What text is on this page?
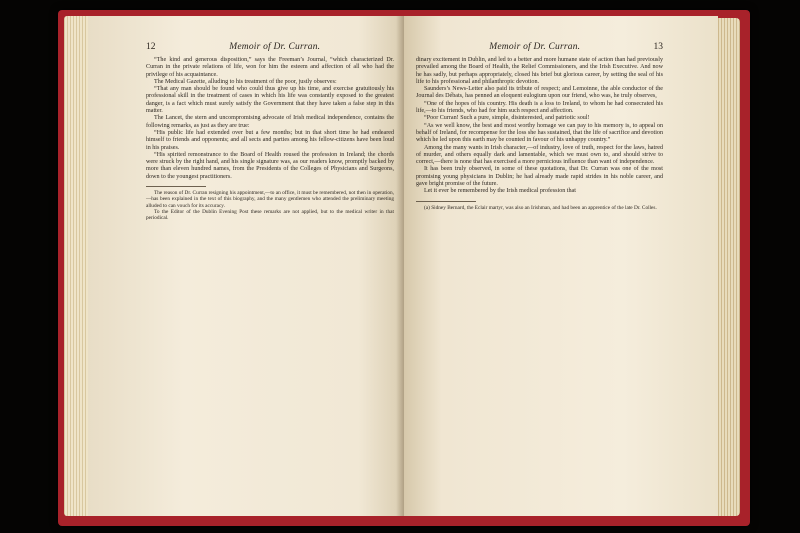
12	Memoir of Dr. Curran.

“The kind and generous disposition,” says the Freeman’s Journal, “which characterized Dr. Curran in the private relations of life, won for him the esteem and affection of all who had the privilege of his acquaintance.

The Medical Gazette, alluding to his treatment of the poor, justly observes:

“That any man should be found who could thus give up his time, and exercise gratuitously his professional skill in the treatment of cases in which his life was constantly exposed to the greatest danger, is a fact which must surely satisfy the Government that they have taken a false step in this matter.

The Lancet, the stern and uncompromising advocate of Irish medical independence, contains the following remarks, as just as they are true:

“His public life had extended over but a few months; but in that short time he had endeared himself to friends and opponents; and all sects and parties among his fellow-citizens have been loud in his praises.

“His spirited remonstrance to the Board of Health roused the profession in Ireland; the chords were struck by the right hand, and his single signature was, as our readers know, promptly backed by more than eleven hundred names, from the Presidents of the Colleges of Physicians and Surgeons, down to the youngest practitioners.

The reason of Dr. Curran resigning his appointment,—to an office, it must be remembered, not then in operation,—has been explained in the text of this biography, and the many gentlemen who attended the preliminary meeting alluded to can vouch for its accuracy.

To the Editor of the Dublin Evening Post these remarks are not applied, but to the medical writer in that periodical.

Memoir of Dr. Curran.	13

dinary excitement in Dublin, and led to a better and more humane state of action than had previously prevailed among the Board of Health, the Relief Commissioners, and the Irish Executive. And now he has sadly, but perhaps appropriately, closed his brief but glorious career, by setting the seal of his life to his professional and philanthropic devotion.

Saunders’s News-Letter also paid its tribute of respect; and Lemoinne, the able conductor of the Journal des Débats, has penned an eloquent eulogium upon our friend, who was, he truly observes,

“One of the hopes of his country. His death is a loss to Ireland, to whom he had consecrated his life,—to his friends, who had for him such respect and affection.

“Poor Curran! Such a pure, simple, disinterested, and patriotic soul!

“As we well know, the best and most worthy homage we can pay to his memory is, to appeal on behalf of Ireland, for recompense for the loss she has sustained, that the life of sacrifice and devotion which he led upon this earth may be counted in favour of his unhappy country.”

Among the many wants in Irish character,—of industry, love of truth, respect for the laws, hatred of murder, and others equally dark and lamentable, which we must own to, and should strive to correct,—there is none that has exercised a more pernicious influence than want of independence.

It has been truly observed, in some of these quotations, that Dr. Curran was one of the most promising young physicians in Dublin; he had already made rapid strides in his noble career, and gave bright promise of the future.

Let it ever be remembered by the Irish medical profession that

(a) Sidney Bernard, the Eclair martyr, was also an Irishman, and had been an apprentice of the late Dr. Colles.
